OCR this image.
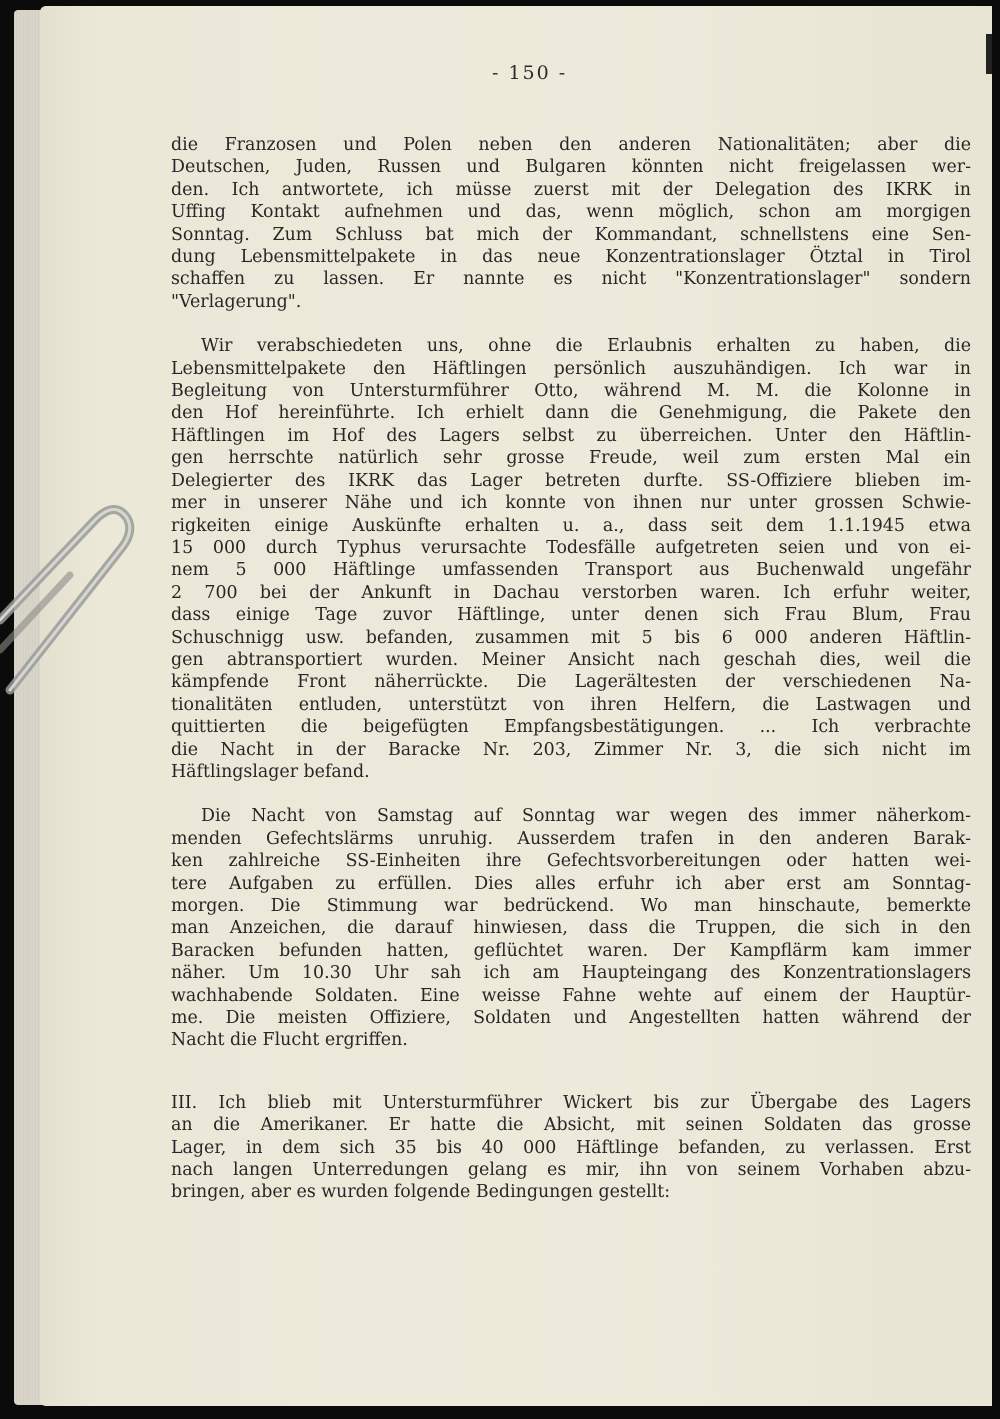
- 150 -
die Franzosen und Polen neben den anderen Nationalitäten; aber die
Deutschen, Juden, Russen und Bulgaren könnten nicht freigelassen wer-
den. Ich antwortete, ich müsse zuerst mit der Delegation des IKRK in
Uffing Kontakt aufnehmen und das, wenn möglich, schon am morgigen
Sonntag. Zum Schluss bat mich der Kommandant, schnellstens eine Sen-
dung Lebensmittelpakete in das neue Konzentrationslager Ötztal in Tirol
schaffen zu lassen. Er nannte es nicht "Konzentrationslager" sondern
"Verlagerung".
Wir verabschiedeten uns, ohne die Erlaubnis erhalten zu haben, die
Lebensmittelpakete den Häftlingen persönlich auszuhändigen. Ich war in
Begleitung von Untersturmführer Otto, während M. M. die Kolonne in
den Hof hereinführte. Ich erhielt dann die Genehmigung, die Pakete den
Häftlingen im Hof des Lagers selbst zu überreichen. Unter den Häftlin-
gen herrschte natürlich sehr grosse Freude, weil zum ersten Mal ein
Delegierter des IKRK das Lager betreten durfte. SS-Offiziere blieben im-
mer in unserer Nähe und ich konnte von ihnen nur unter grossen Schwie-
rigkeiten einige Auskünfte erhalten u. a., dass seit dem 1.1.1945 etwa
15 000 durch Typhus verursachte Todesfälle aufgetreten seien und von ei-
nem 5 000 Häftlinge umfassenden Transport aus Buchenwald ungefähr
2 700 bei der Ankunft in Dachau verstorben waren. Ich erfuhr weiter,
dass einige Tage zuvor Häftlinge, unter denen sich Frau Blum, Frau
Schuschnigg usw. befanden, zusammen mit 5 bis 6 000 anderen Häftlin-
gen abtransportiert wurden. Meiner Ansicht nach geschah dies, weil die
kämpfende Front näherrückte. Die Lagerältesten der verschiedenen Na-
tionalitäten entluden, unterstützt von ihren Helfern, die Lastwagen und
quittierten die beigefügten Empfangsbestätigungen. ... Ich verbrachte
die Nacht in der Baracke Nr. 203, Zimmer Nr. 3, die sich nicht im
Häftlingslager befand.
Die Nacht von Samstag auf Sonntag war wegen des immer näherkom-
menden Gefechtslärms unruhig. Ausserdem trafen in den anderen Barak-
ken zahlreiche SS-Einheiten ihre Gefechtsvorbereitungen oder hatten wei-
tere Aufgaben zu erfüllen. Dies alles erfuhr ich aber erst am Sonntag-
morgen. Die Stimmung war bedrückend. Wo man hinschaute, bemerkte
man Anzeichen, die darauf hinwiesen, dass die Truppen, die sich in den
Baracken befunden hatten, geflüchtet waren. Der Kampflärm kam immer
näher. Um 10.30 Uhr sah ich am Haupteingang des Konzentrationslagers
wachhabende Soldaten. Eine weisse Fahne wehte auf einem der Hauptür-
me. Die meisten Offiziere, Soldaten und Angestellten hatten während der
Nacht die Flucht ergriffen.
III. Ich blieb mit Untersturmführer Wickert bis zur Übergabe des Lagers
an die Amerikaner. Er hatte die Absicht, mit seinen Soldaten das grosse
Lager, in dem sich 35 bis 40 000 Häftlinge befanden, zu verlassen. Erst
nach langen Unterredungen gelang es mir, ihn von seinem Vorhaben abzu-
bringen, aber es wurden folgende Bedingungen gestellt:
